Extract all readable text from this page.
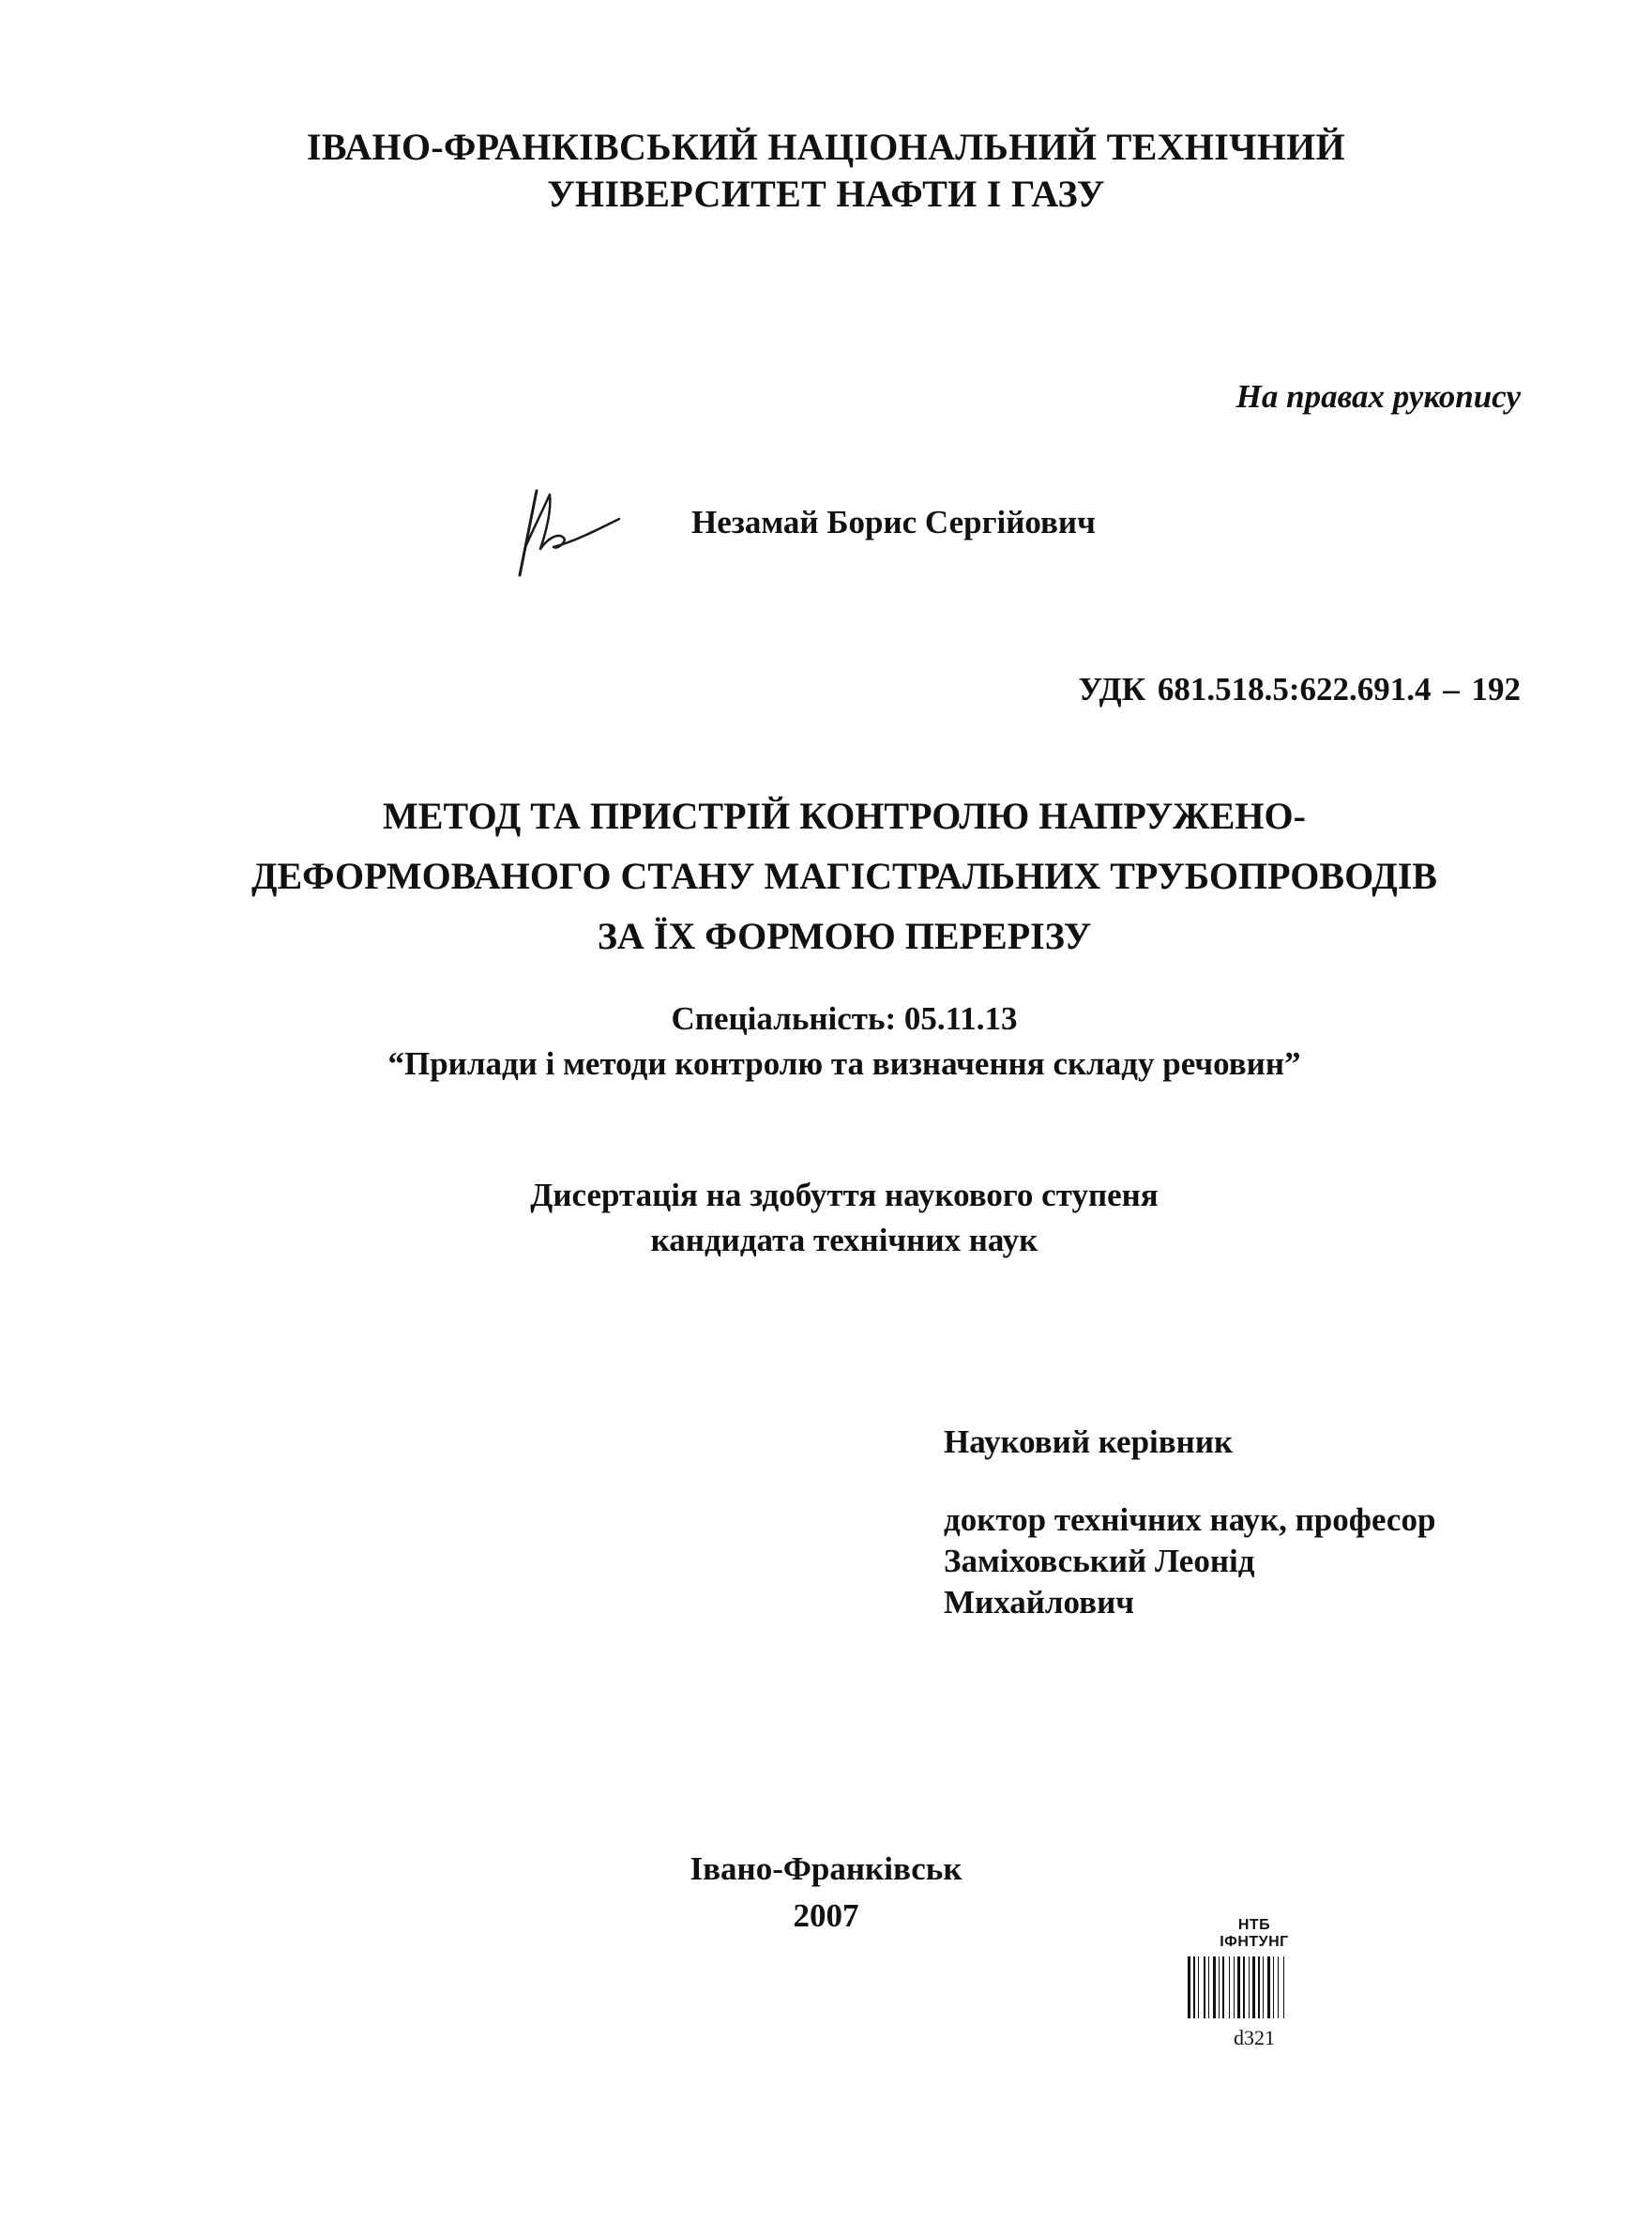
ІВАНО-ФРАНКІВСЬКИЙ НАЦІОНАЛЬНИЙ ТЕХНІЧНИЙ
УНІВЕРСИТЕТ НАФТИ І ГАЗУ
На правах рукопису
Незамай Борис Сергійович
УДК 681.518.5:622.691.4 – 192
МЕТОД ТА ПРИСТРІЙ КОНТРОЛЮ НАПРУЖЕНО-
ДЕФОРМОВАНОГО СТАНУ МАГІСТРАЛЬНИХ ТРУБОПРОВОДІВ
ЗА ЇХ ФОРМОЮ ПЕРЕРІЗУ
Спеціальність: 05.11.13
“Прилади і методи контролю та визначення складу речовин”
Дисертація на здобуття наукового ступеня
кандидата технічних наук
Науковий керівник
доктор технічних наук, професор
Заміховський Леонід
Михайлович
Івано-Франківськ
2007	НТБ
ІФНТУНГ
d321
